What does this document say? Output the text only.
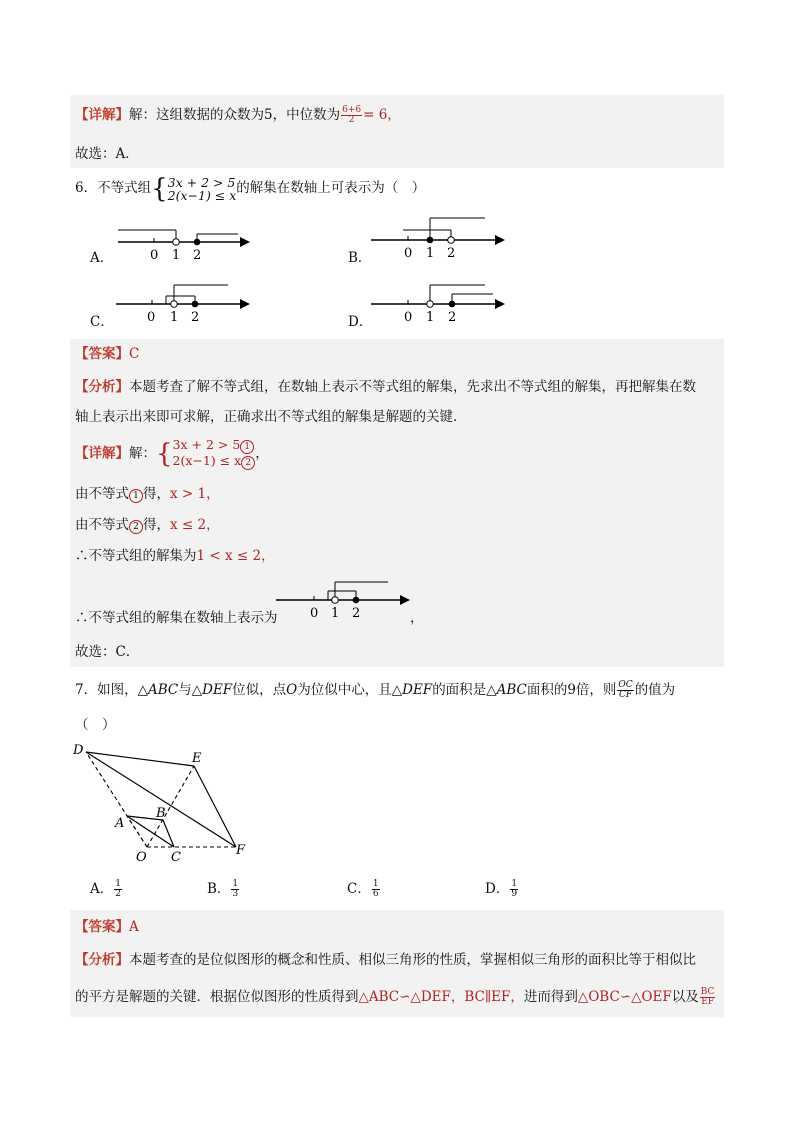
【详解】解：这组数据的众数为5，中位数为 $\frac{6+6}{2} = 6$，
故选：A．
6．不等式组{ 3x + 2 > 5
2(x−1) ≤ x 的解集在数轴上可表示为（　）
A．	0 1 2	B．	0 1 2
C．	0 1 2	D． 0 1 2
【答案】C
【分析】本题考查了解不等式组，在数轴上表示不等式组的解集，先求出不等式组的解集，再把解集在数
轴上表示出来即可求解，正确求出不等式组的解集是解题的关键．
【详解】解：{ 3x + 2 > 5 1
2(x−1) ≤ x 2
，
由不等式 1 得，x > 1，
由不等式 2 得，x ≤ 2，
∴不等式组的解集为1 < x ≤ 2，
∴不等式组的解集在数轴上表示为	0 1 2	，
故选：C．
7．如图，△ABC与△DEF位似，点O为位似中心，且△DEF的面积是△ABC面积的9倍，则 $\frac{OC}{CF}$ 的值为
（　）
D
E
A
B
O C	F
A． $\frac{1}{2}$	B． $\frac{1}{3}$	C． $\frac{1}{6}$	D． $\frac{1}{9}$
【答案】A
【分析】本题考查的是位似图形的概念和性质、相似三角形的性质，掌握相似三角形的面积比等于相似比
的平方是解题的关键．根据位似图形的性质得到△ABC∽△DEF，BC∥EF，进而得到△OBC∽△OEF以及 $\frac{BC}{EF}$
